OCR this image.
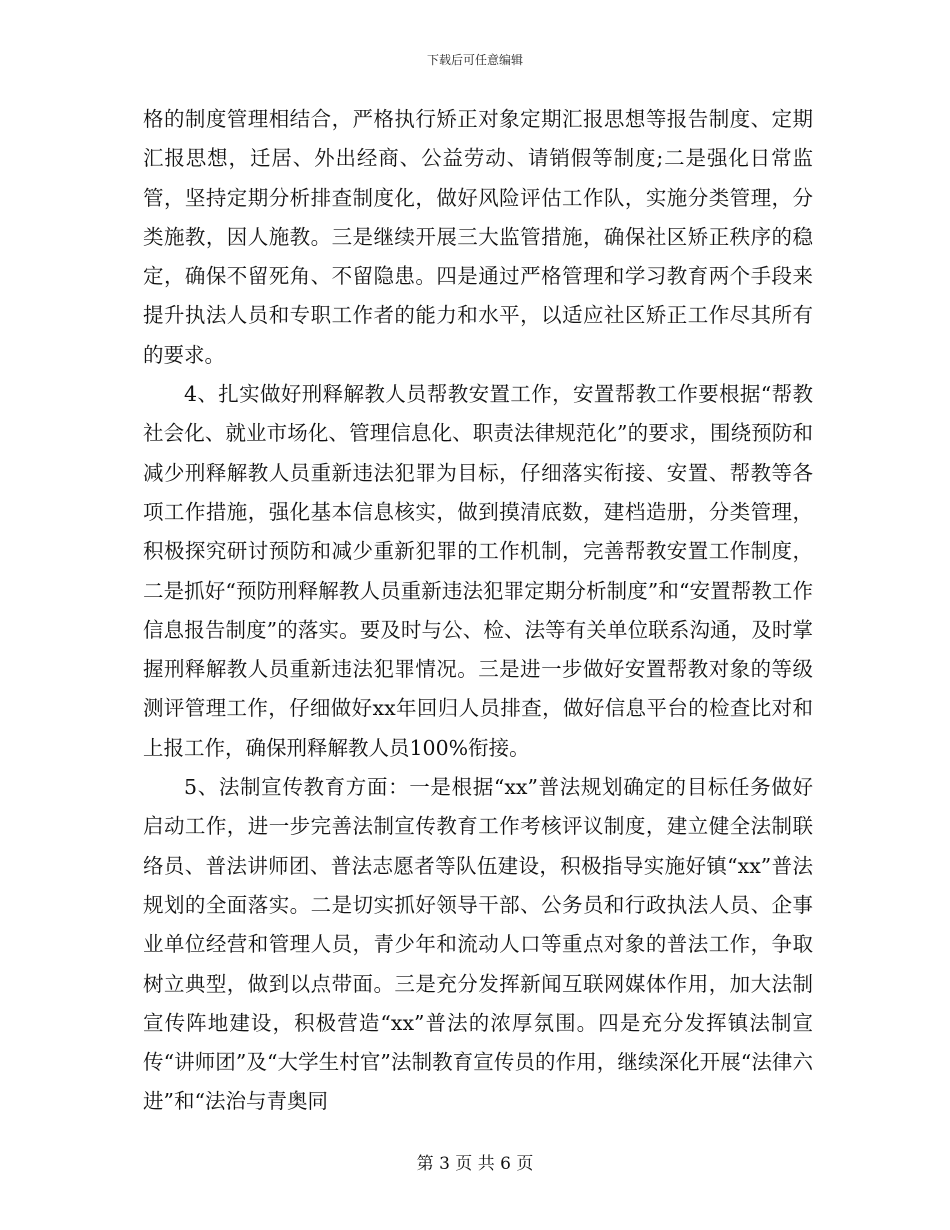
下载后可任意编辑

格的制度管理相结合，严格执行矫正对象定期汇报思想等报告制度、定期汇报思想，迁居、外出经商、公益劳动、请销假等制度;二是强化日常监管，坚持定期分析排查制度化，做好风险评估工作队，实施分类管理，分类施教，因人施教。三是继续开展三大监管措施，确保社区矫正秩序的稳定，确保不留死角、不留隐患。四是通过严格管理和学习教育两个手段来提升执法人员和专职工作者的能力和水平，以适应社区矫正工作尽其所有的要求。

4、扎实做好刑释解教人员帮教安置工作，安置帮教工作要根据“帮教社会化、就业市场化、管理信息化、职责法律规范化”的要求，围绕预防和减少刑释解教人员重新违法犯罪为目标，仔细落实衔接、安置、帮教等各项工作措施，强化基本信息核实，做到摸清底数，建档造册，分类管理，积极探究研讨预防和减少重新犯罪的工作机制，完善帮教安置工作制度，二是抓好“预防刑释解教人员重新违法犯罪定期分析制度”和“安置帮教工作信息报告制度”的落实。要及时与公、检、法等有关单位联系沟通，及时掌握刑释解教人员重新违法犯罪情况。三是进一步做好安置帮教对象的等级测评管理工作，仔细做好xx年回归人员排查，做好信息平台的检查比对和上报工作，确保刑释解教人员100%衔接。

5、法制宣传教育方面：一是根据“xx”普法规划确定的目标任务做好启动工作，进一步完善法制宣传教育工作考核评议制度，建立健全法制联络员、普法讲师团、普法志愿者等队伍建设，积极指导实施好镇“xx”普法规划的全面落实。二是切实抓好领导干部、公务员和行政执法人员、企事业单位经营和管理人员，青少年和流动人口等重点对象的普法工作，争取树立典型，做到以点带面。三是充分发挥新闻互联网媒体作用，加大法制宣传阵地建设，积极营造“xx”普法的浓厚氛围。四是充分发挥镇法制宣传“讲师团”及“大学生村官”法制教育宣传员的作用，继续深化开展“法律六进”和“法治与青奥同

第 3 页 共 6 页
